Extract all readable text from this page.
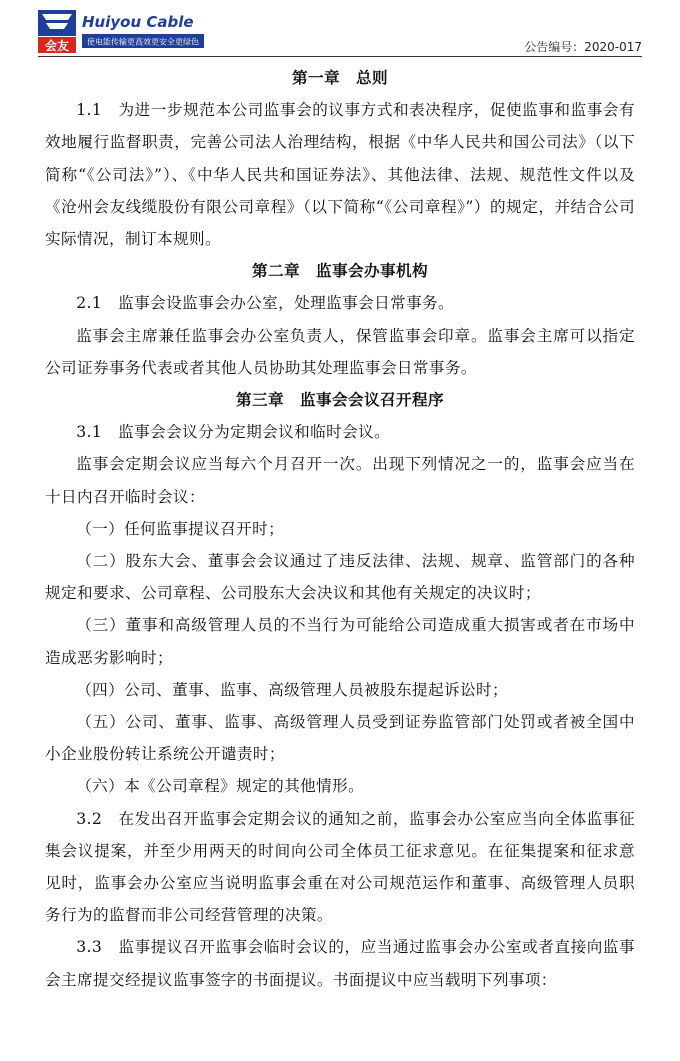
会友
Huiyou Cable
使电能传输更高效更安全更绿色	公告编号：2020-017

第一章　总则

1.1　为进一步规范本公司监事会的议事方式和表决程序，促使监事和监事会有效地履行监督职责，完善公司法人治理结构，根据《中华人民共和国公司法》（以下简称“《公司法》”）、《中华人民共和国证券法》、其他法律、法规、规范性文件以及《沧州会友线缆股份有限公司章程》（以下简称“《公司章程》”）的规定，并结合公司实际情况，制订本规则。

第二章　监事会办事机构

2.1　监事会设监事会办公室，处理监事会日常事务。

监事会主席兼任监事会办公室负责人，保管监事会印章。监事会主席可以指定公司证券事务代表或者其他人员协助其处理监事会日常事务。

第三章　监事会会议召开程序

3.1　监事会会议分为定期会议和临时会议。

监事会定期会议应当每六个月召开一次。出现下列情况之一的，监事会应当在十日内召开临时会议：

（一）任何监事提议召开时；

（二）股东大会、董事会会议通过了违反法律、法规、规章、监管部门的各种规定和要求、公司章程、公司股东大会决议和其他有关规定的决议时；

（三）董事和高级管理人员的不当行为可能给公司造成重大损害或者在市场中造成恶劣影响时；

（四）公司、董事、监事、高级管理人员被股东提起诉讼时；

（五）公司、董事、监事、高级管理人员受到证券监管部门处罚或者被全国中小企业股份转让系统公开谴责时；

（六）本《公司章程》规定的其他情形。

3.2　在发出召开监事会定期会议的通知之前，监事会办公室应当向全体监事征集会议提案，并至少用两天的时间向公司全体员工征求意见。在征集提案和征求意见时，监事会办公室应当说明监事会重在对公司规范运作和董事、高级管理人员职务行为的监督而非公司经营管理的决策。

3.3　监事提议召开监事会临时会议的，应当通过监事会办公室或者直接向监事会主席提交经提议监事签字的书面提议。书面提议中应当载明下列事项：
